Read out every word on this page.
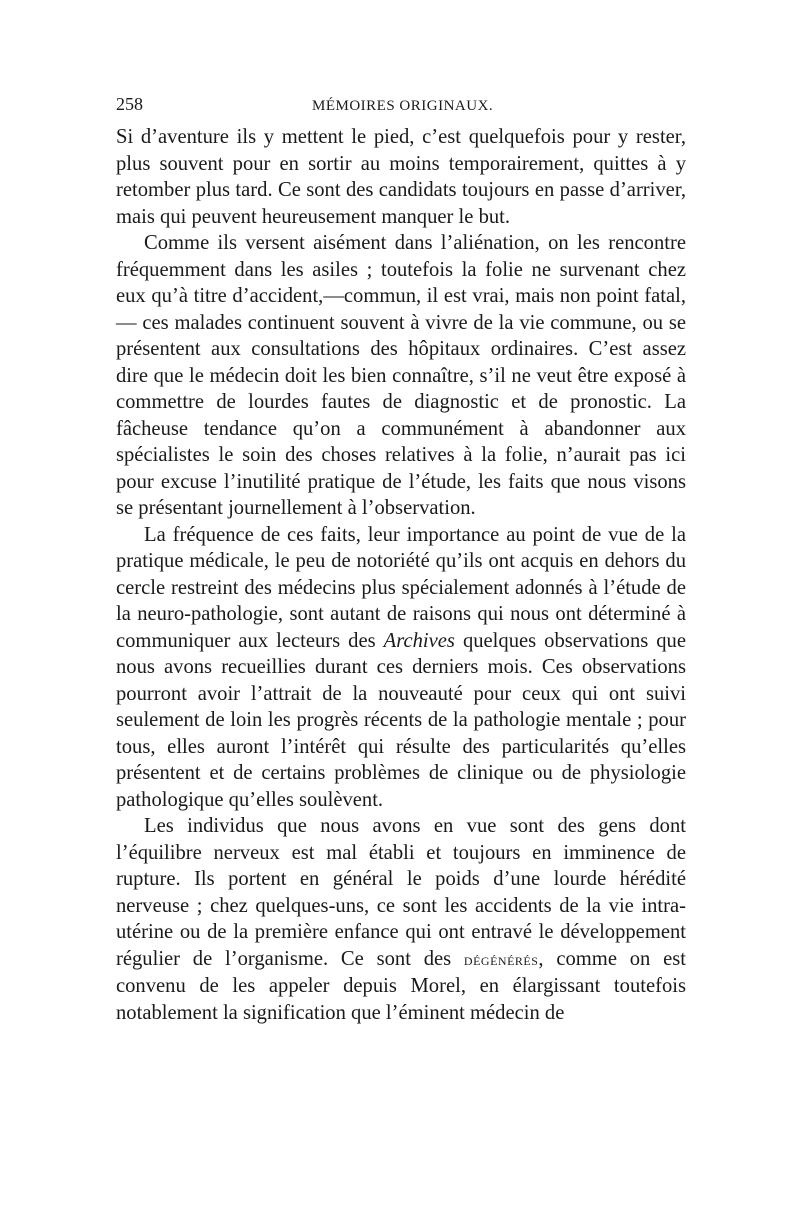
258	MÉMOIRES ORIGINAUX.

Si d’aventure ils y mettent le pied, c’est quelquefois pour y rester, plus souvent pour en sortir au moins temporairement, quittes à y retomber plus tard. Ce sont des candidats toujours en passe d’arriver, mais qui peuvent heureusement manquer le but.

Comme ils versent aisément dans l’aliénation, on les rencontre fréquemment dans les asiles ; toutefois la folie ne survenant chez eux qu’à titre d’accident,—commun, il est vrai, mais non point fatal, — ces malades continuent souvent à vivre de la vie commune, ou se présentent aux consultations des hôpitaux ordinaires. C’est assez dire que le médecin doit les bien connaître, s’il ne veut être exposé à commettre de lourdes fautes de diagnostic et de pronostic. La fâcheuse tendance qu’on a communément à abandonner aux spécialistes le soin des choses relatives à la folie, n’aurait pas ici pour excuse l’inutilité pratique de l’étude, les faits que nous visons se présentant journellement à l’observation.

La fréquence de ces faits, leur importance au point de vue de la pratique médicale, le peu de notoriété qu’ils ont acquis en dehors du cercle restreint des médecins plus spécialement adonnés à l’étude de la neuro-pathologie, sont autant de raisons qui nous ont déterminé à communiquer aux lecteurs des Archives quelques observations que nous avons recueillies durant ces derniers mois. Ces observations pourront avoir l’attrait de la nouveauté pour ceux qui ont suivi seulement de loin les progrès récents de la pathologie mentale ; pour tous, elles auront l’intérêt qui résulte des particularités qu’elles présentent et de certains problèmes de clinique ou de physiologie pathologique qu’elles soulèvent.

Les individus que nous avons en vue sont des gens dont l’équilibre nerveux est mal établi et toujours en imminence de rupture. Ils portent en général le poids d’une lourde hérédité nerveuse ; chez quelques-uns, ce sont les accidents de la vie intra-utérine ou de la première enfance qui ont entravé le développement régulier de l’organisme. Ce sont des dégénérés, comme on est convenu de les appeler depuis Morel, en élargissant toutefois notablement la signification que l’éminent médecin de
